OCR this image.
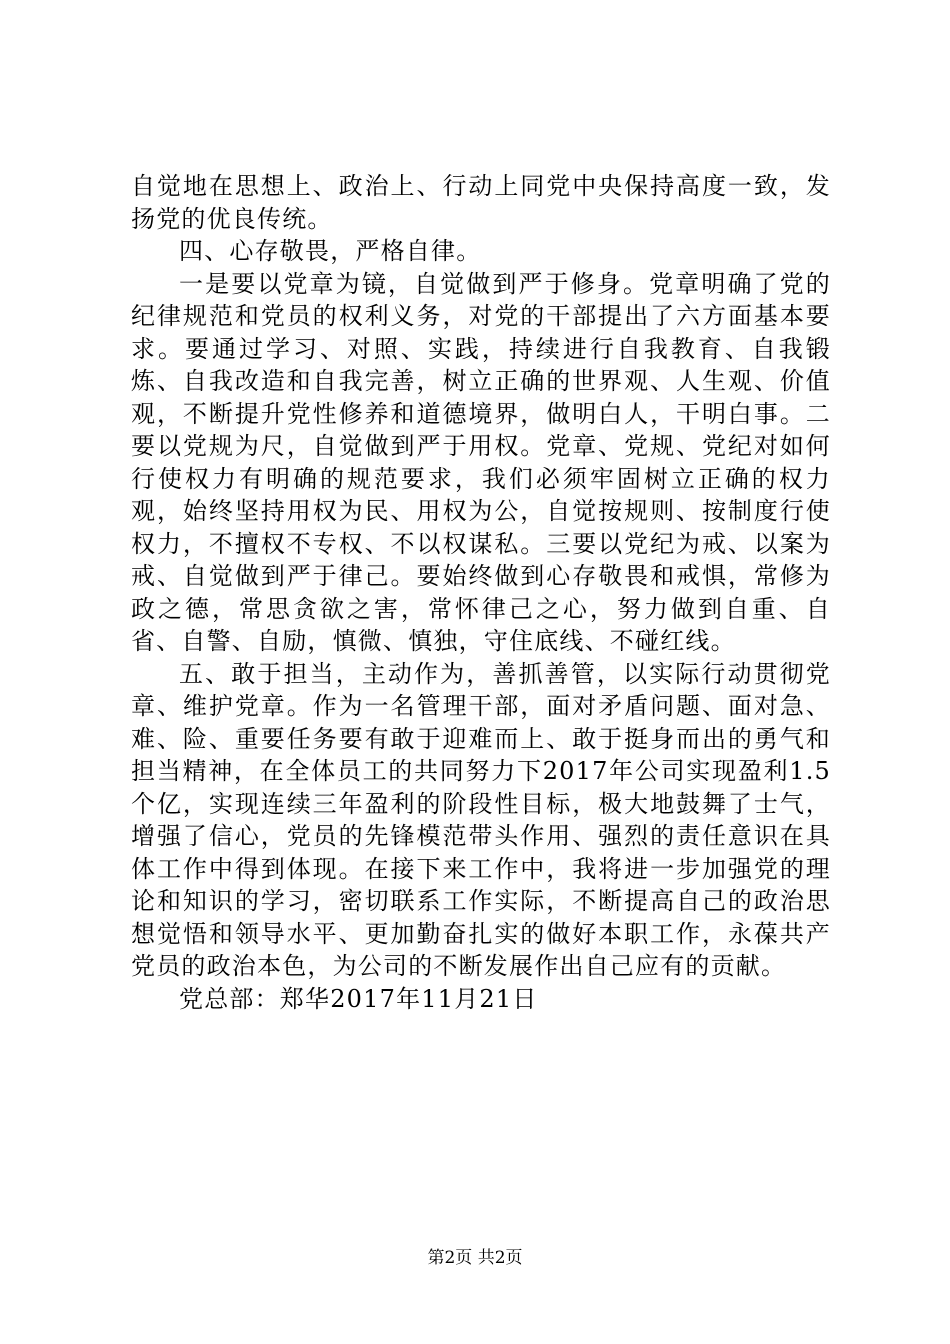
自觉地在思想上、政治上、行动上同党中央保持高度一致，发扬党的优良传统。

四、心存敬畏，严格自律。

一是要以党章为镜，自觉做到严于修身。党章明确了党的纪律规范和党员的权利义务，对党的干部提出了六方面基本要求。要通过学习、对照、实践，持续进行自我教育、自我锻炼、自我改造和自我完善，树立正确的世界观、人生观、价值观，不断提升党性修养和道德境界，做明白人，干明白事。二要以党规为尺，自觉做到严于用权。党章、党规、党纪对如何行使权力有明确的规范要求，我们必须牢固树立正确的权力观，始终坚持用权为民、用权为公，自觉按规则、按制度行使权力，不擅权不专权、不以权谋私。三要以党纪为戒、以案为戒、自觉做到严于律己。要始终做到心存敬畏和戒惧，常修为政之德，常思贪欲之害，常怀律己之心，努力做到自重、自省、自警、自励，慎微、慎独，守住底线、不碰红线。

五、敢于担当，主动作为，善抓善管，以实际行动贯彻党章、维护党章。作为一名管理干部，面对矛盾问题、面对急、难、险、重要任务要有敢于迎难而上、敢于挺身而出的勇气和担当精神，在全体员工的共同努力下2017年公司实现盈利1.5个亿，实现连续三年盈利的阶段性目标，极大地鼓舞了士气，增强了信心，党员的先锋模范带头作用、强烈的责任意识在具体工作中得到体现。在接下来工作中，我将进一步加强党的理论和知识的学习，密切联系工作实际，不断提高自己的政治思想觉悟和领导水平、更加勤奋扎实的做好本职工作，永葆共产党员的政治本色，为公司的不断发展作出自己应有的贡献。

党总部：郑华2017年11月21日

第2页 共2页
